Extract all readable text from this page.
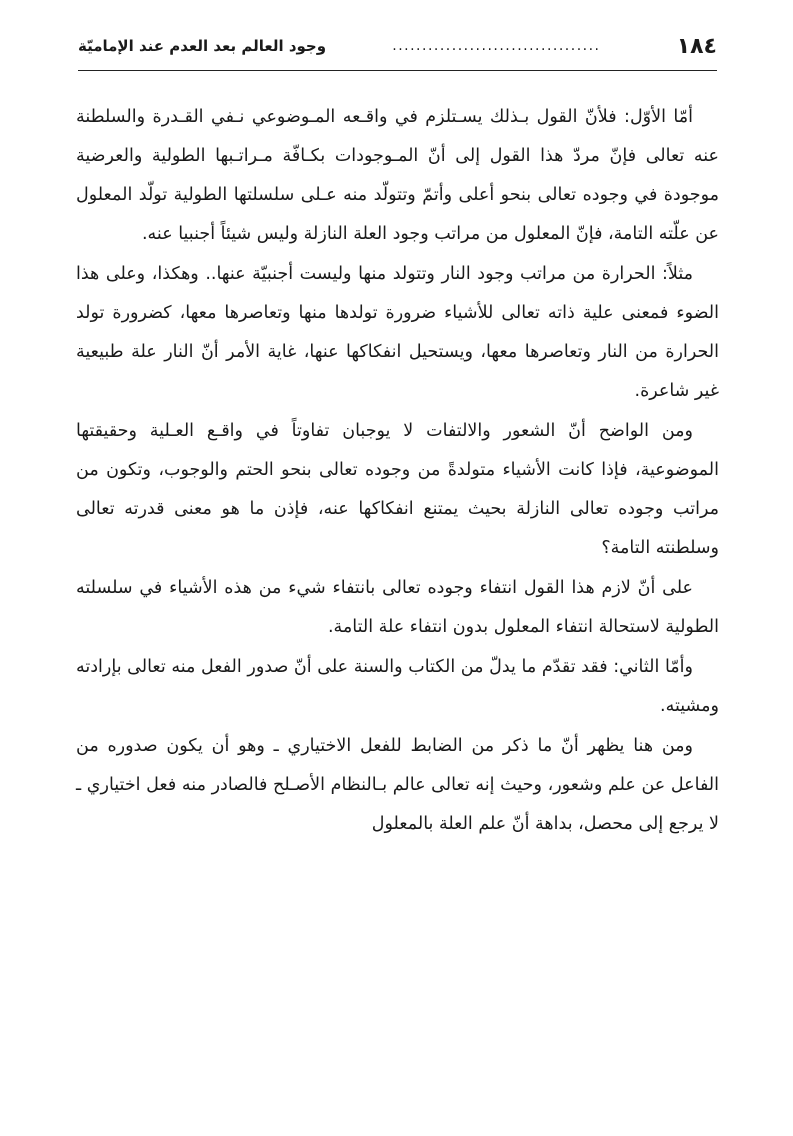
١٨٤
...................................
وجود العالم بعد العدم عند الإماميّة

أمّا الأوّل: فلأنّ القول بـذلك يسـتلزم في واقـعه المـوضوعي نـفي القـدرة والسلطنة عنه تعالى فإنّ مردّ هذا القول إلى أنّ المـوجودات بكـافّة مـراتـبها الطولية والعرضية موجودة في وجوده تعالى بنحو أعلى وأتمّ وتتولّد منه عـلى سلسلتها الطولية تولّد المعلول عن علّته التامة، فإنّ المعلول من مراتب وجود العلة النازلة وليس شيئاً أجنبيا عنه.

مثلاً: الحرارة من مراتب وجود النار وتتولد منها وليست أجنبيّة عنها.. وهكذا، وعلى هذا الضوء فمعنى علية ذاته تعالى للأشياء ضرورة تولدها منها وتعاصرها معها، كضرورة تولد الحرارة من النار وتعاصرها معها، ويستحيل انفكاكها عنها، غاية الأمر أنّ النار علة طبيعية غير شاعرة.

ومن الواضح أنّ الشعور والالتفات لا يوجبان تفاوتاً في واقـع العـلية وحقيقتها الموضوعية، فإذا كانت الأشياء متولدةً من وجوده تعالى بنحو الحتم والوجوب، وتكون من مراتب وجوده تعالى النازلة بحيث يمتنع انفكاكها عنه، فإذن ما هو معنى قدرته تعالى وسلطنته التامة؟

على أنّ لازم هذا القول انتفاء وجوده تعالى بانتفاء شيء من هذه الأشياء في سلسلته الطولية لاستحالة انتفاء المعلول بدون انتفاء علة التامة.

وأمّا الثاني: فقد تقدّم ما يدلّ من الكتاب والسنة على أنّ صدور الفعل منه تعالى بإرادته ومشيته.

ومن هنا يظهر أنّ ما ذكر من الضابط للفعل الاختياري ـ وهو أن يكون صدوره من الفاعل عن علم وشعور، وحيث إنه تعالى عالم بـالنظام الأصـلح فالصادر منه فعل اختياري ـ لا يرجع إلى محصل، بداهة أنّ علم العلة بالمعلول
